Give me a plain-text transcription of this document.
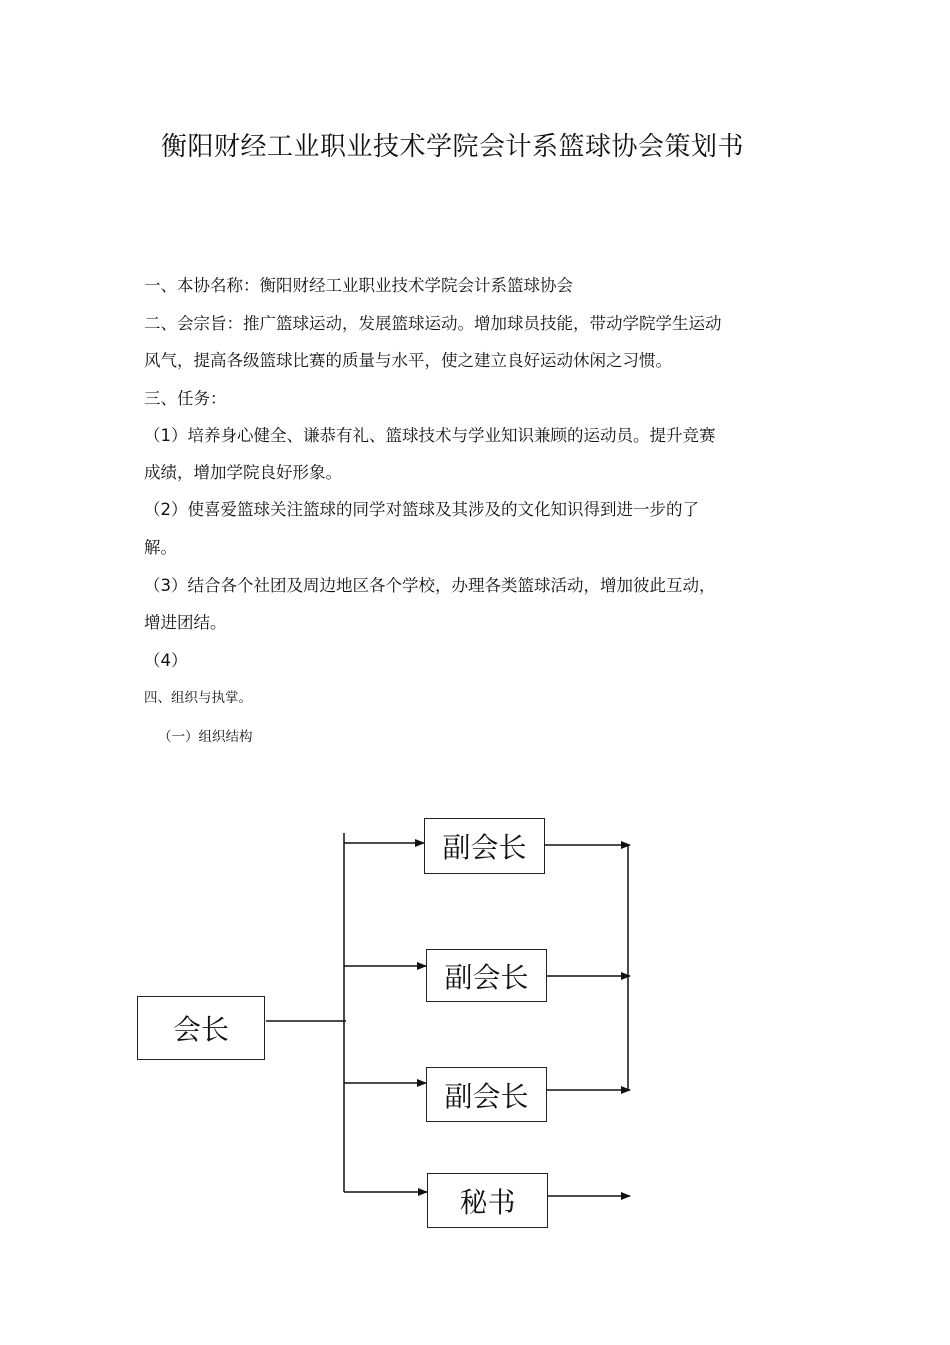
衡阳财经工业职业技术学院会计系篮球协会策划书
一、本协名称：衡阳财经工业职业技术学院会计系篮球协会
二、会宗旨：推广篮球运动，发展篮球运动。增加球员技能，带动学院学生运动
风气，提高各级篮球比赛的质量与水平，使之建立良好运动休闲之习惯。
三、任务：
（1）培养身心健全、谦恭有礼、篮球技术与学业知识兼顾的运动员。提升竞赛
成绩，增加学院良好形象。
（2）使喜爱篮球关注篮球的同学对篮球及其涉及的文化知识得到进一步的了
解。
（3）结合各个社团及周边地区各个学校，办理各类篮球活动，增加彼此互动，
增进团结。
（4）
四、组织与执掌。
（一）组织结构
会长
副会长
副会长
副会长
秘书
